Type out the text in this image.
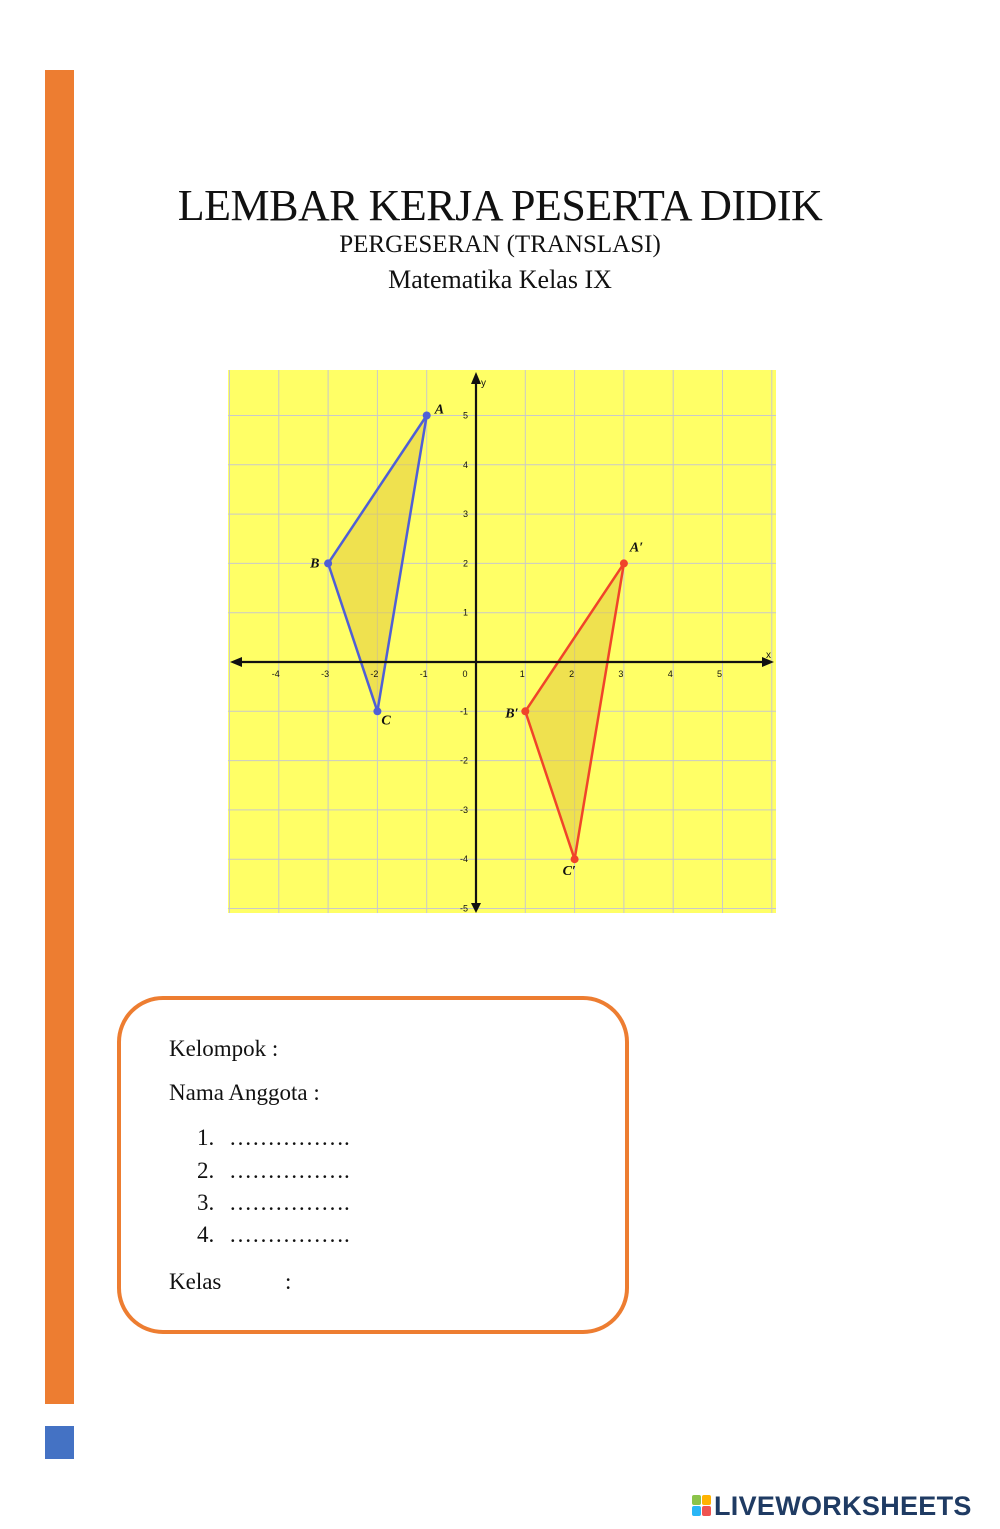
LEMBAR KERJA PESERTA DIDIK
PERGESERAN (TRANSLASI)
Matematika Kelas IX
x
y
-4	-3	-2	-1	0	1	2	3	4	5
5
4
3
2
1
-1
-2
-3
-4
-5
A
B
C
A′
B′
C′
Kelompok :
Nama Anggota :
1. …………….
2. …………….
3. …………….
4. …………….
Kelas	:
LIVEWORKSHEETS
